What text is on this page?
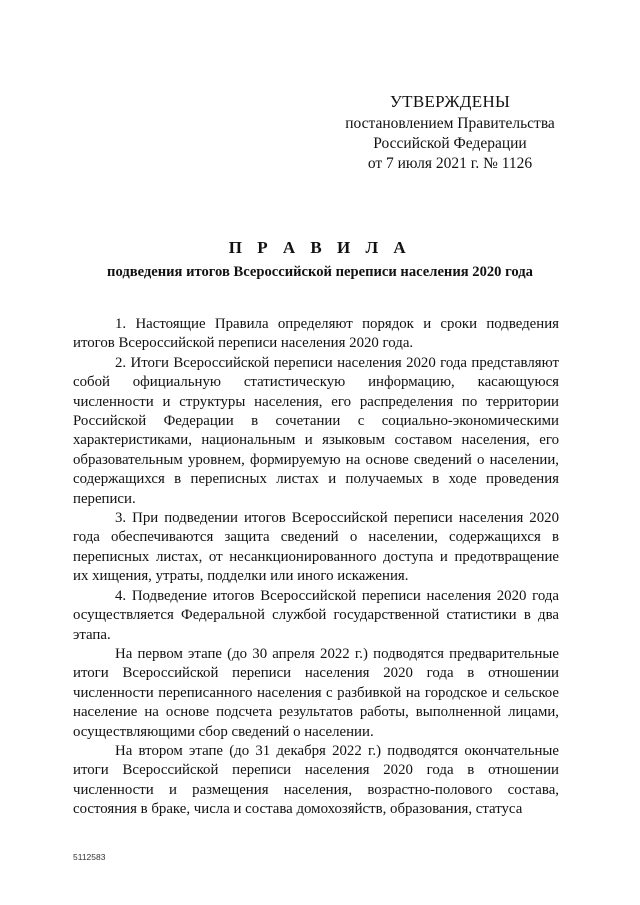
УТВЕРЖДЕНЫ
постановлением Правительства
Российской Федерации
от 7 июля 2021 г. № 1126
П Р А В И Л А
подведения итогов Всероссийской переписи населения 2020 года

1. Настоящие Правила определяют порядок и сроки подведения итогов Всероссийской переписи населения 2020 года.

2. Итоги Всероссийской переписи населения 2020 года представляют собой официальную статистическую информацию, касающуюся численности и структуры населения, его распределения по территории Российской Федерации в сочетании с социально-экономическими характеристиками, национальным и языковым составом населения, его образовательным уровнем, формируемую на основе сведений о населении, содержащихся в переписных листах и получаемых в ходе проведения переписи.

3. При подведении итогов Всероссийской переписи населения 2020 года обеспечиваются защита сведений о населении, содержащихся в переписных листах, от несанкционированного доступа и предотвращение их хищения, утраты, подделки или иного искажения.

4. Подведение итогов Всероссийской переписи населения 2020 года осуществляется Федеральной службой государственной статистики в два этапа.

На первом этапе (до 30 апреля 2022 г.) подводятся предварительные итоги Всероссийской переписи населения 2020 года в отношении численности переписанного населения с разбивкой на городское и сельское население на основе подсчета результатов работы, выполненной лицами, осуществляющими сбор сведений о населении.

На втором этапе (до 31 декабря 2022 г.) подводятся окончательные итоги Всероссийской переписи населения 2020 года в отношении численности и размещения населения, возрастно-полового состава, состояния в браке, числа и состава домохозяйств, образования, статуса

5112583
